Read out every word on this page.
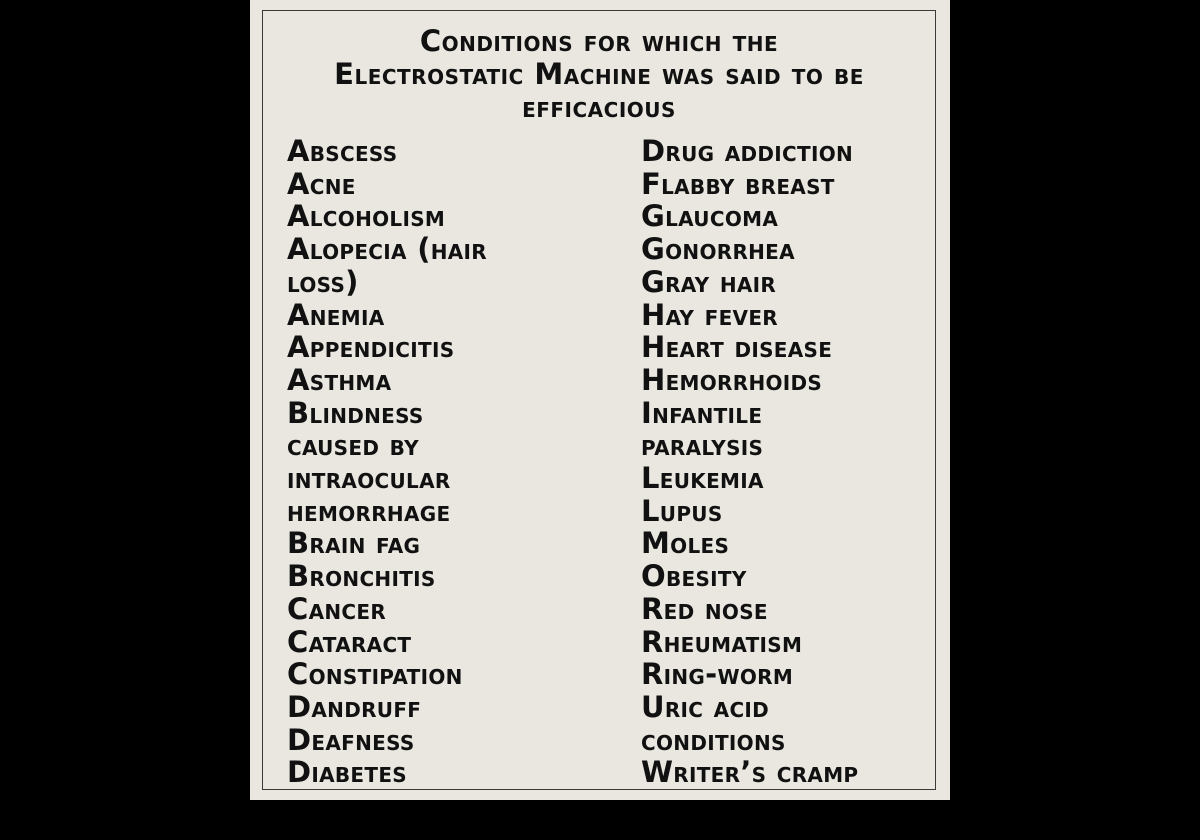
Conditions for which the
Electrostatic Machine was said to be
efficacious
Abscess
Acne
Alcoholism
Alopecia (hair
loss)
Anemia
Appendicitis
Asthma
Blindness
caused by
intraocular
hemorrhage
Brain fag
Bronchitis
Cancer
Cataract
Constipation
Dandruff
Deafness
Diabetes
Drug addiction
Flabby breast
Glaucoma
Gonorrhea
Gray hair
Hay fever
Heart disease
Hemorrhoids
Infantile
paralysis
Leukemia
Lupus
Moles
Obesity
Red nose
Rheumatism
Ring-worm
Uric acid
conditions
Writer’s cramp
